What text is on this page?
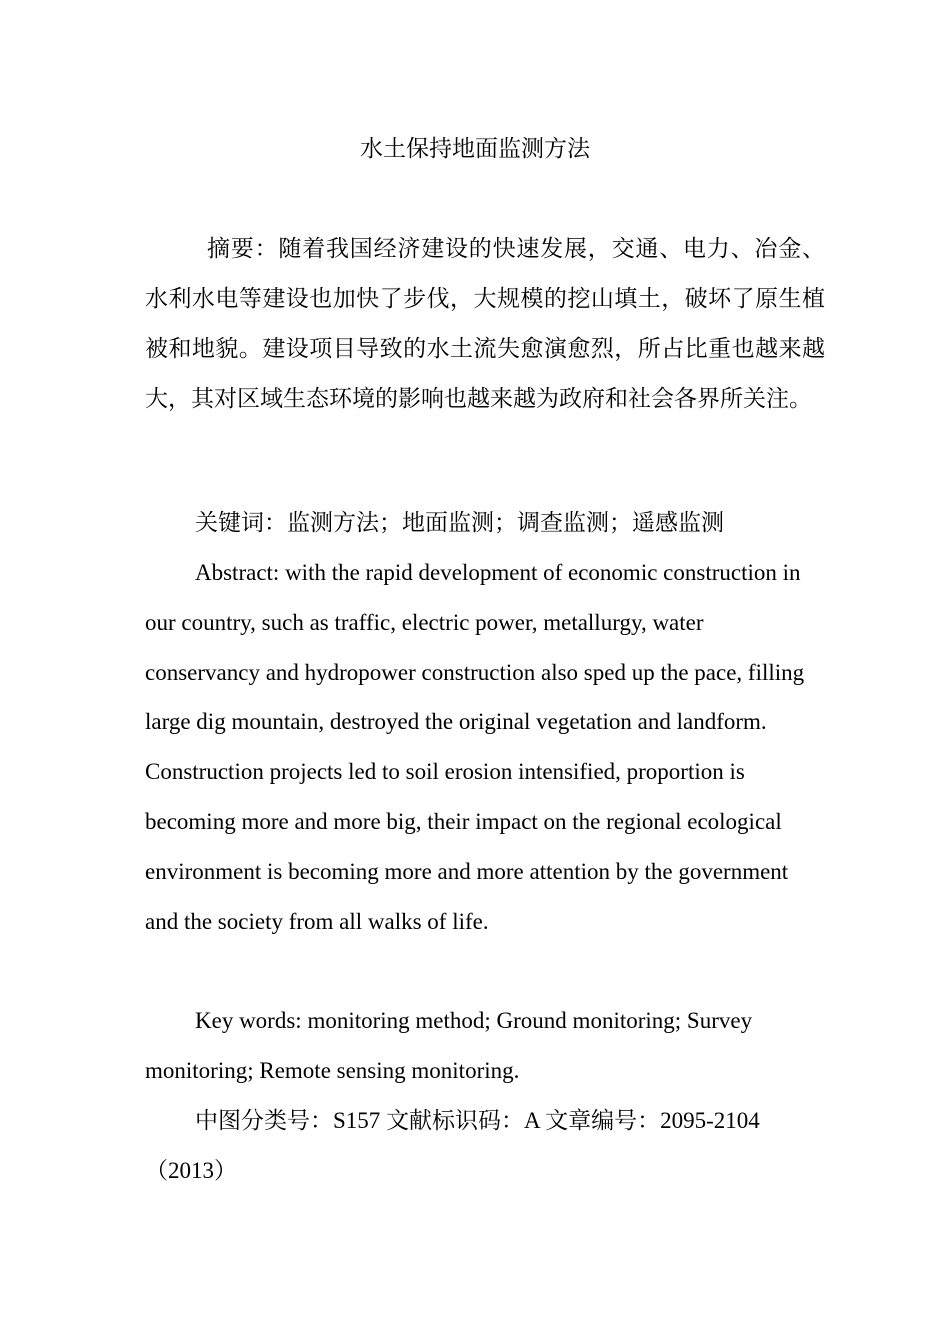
水土保持地面监测方法

摘要：随着我国经济建设的快速发展，交通、电力、冶金、水利水电等建设也加快了步伐，大规模的挖山填土，破坏了原生植被和地貌。建设项目导致的水土流失愈演愈烈，所占比重也越来越大，其对区域生态环境的影响也越来越为政府和社会各界所关注。

关键词：监测方法；地面监测；调查监测；遥感监测

Abstract: with the rapid development of economic construction in our country, such as traffic, electric power, metallurgy, water conservancy and hydropower construction also sped up the pace, filling large dig mountain, destroyed the original vegetation and landform. Construction projects led to soil erosion intensified, proportion is becoming more and more big, their impact on the regional ecological environment is becoming more and more attention by the government and the society from all walks of life.

Key words: monitoring method; Ground monitoring; Survey monitoring; Remote sensing monitoring.

中图分类号：S157 文献标识码：A 文章编号：2095-2104（2013）
